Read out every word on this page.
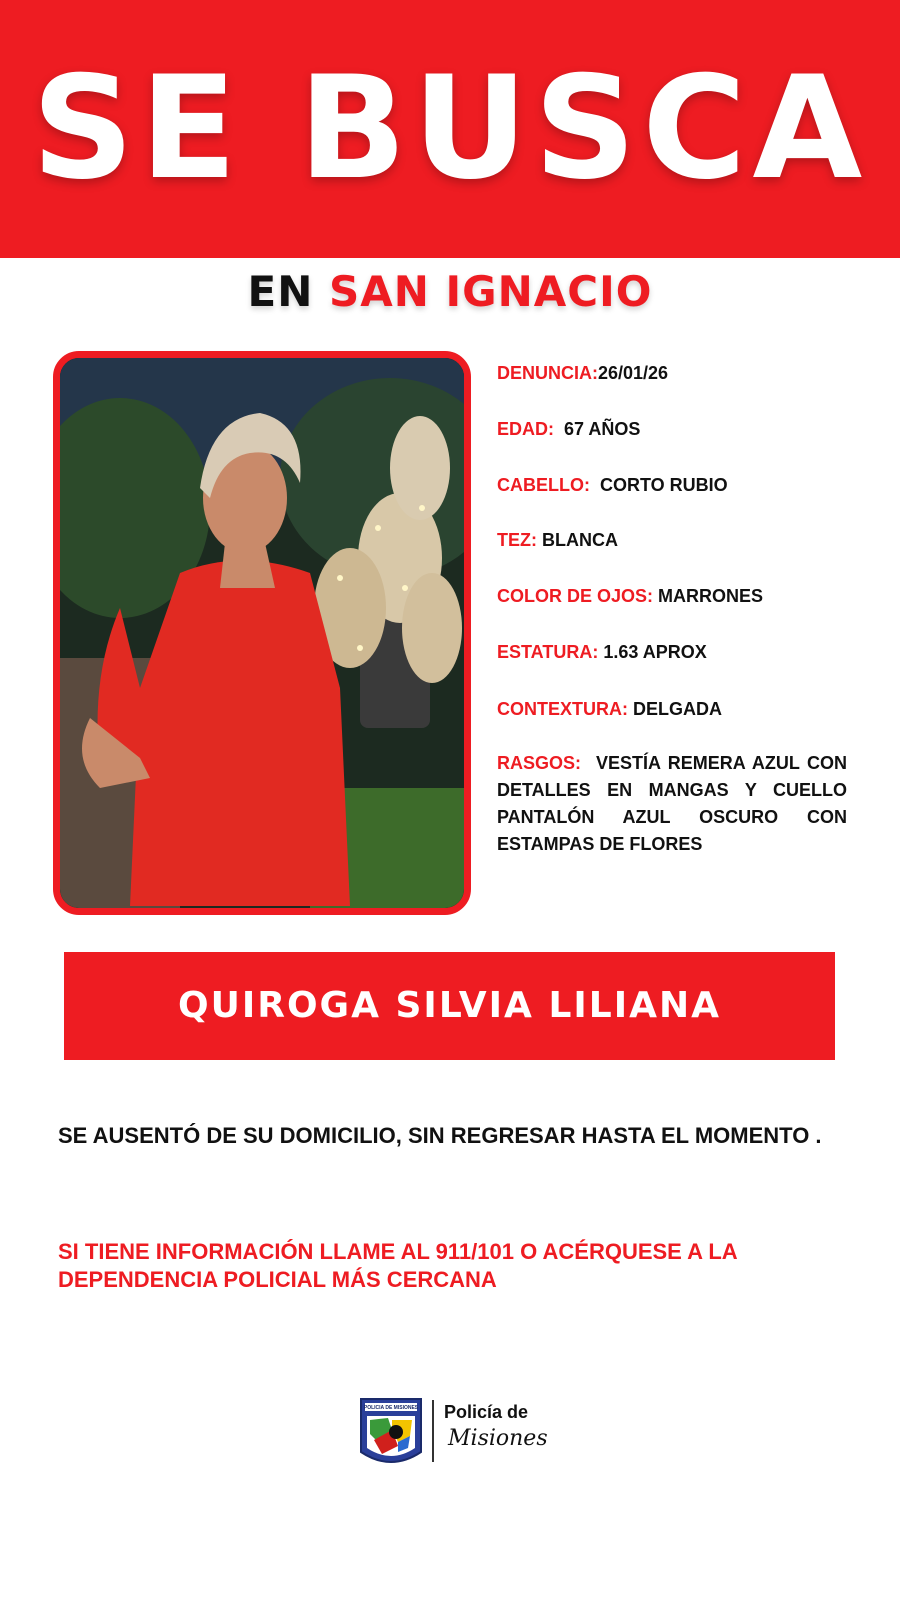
SE BUSCA
EN SAN IGNACIO
DENUNCIA:26/01/26
EDAD: 67 AÑOS
CABELLO: CORTO RUBIO
TEZ: BLANCA
COLOR DE OJOS: MARRONES
ESTATURA: 1.63 APROX
CONTEXTURA: DELGADA
RASGOS: VESTÍA REMERA AZUL CON DETALLES EN MANGAS Y CUELLO PANTALÓN AZUL OSCURO CON ESTAMPAS DE FLORES
QUIROGA SILVIA LILIANA
SE AUSENTÓ DE SU DOMICILIO, SIN REGRESAR HASTA EL MOMENTO .
SI TIENE INFORMACIÓN LLAME AL 911/101 O ACÉRQUESE A LA DEPENDENCIA POLICIAL MÁS CERCANA
POLICIA DE MISIONES Policía de
Misiones
